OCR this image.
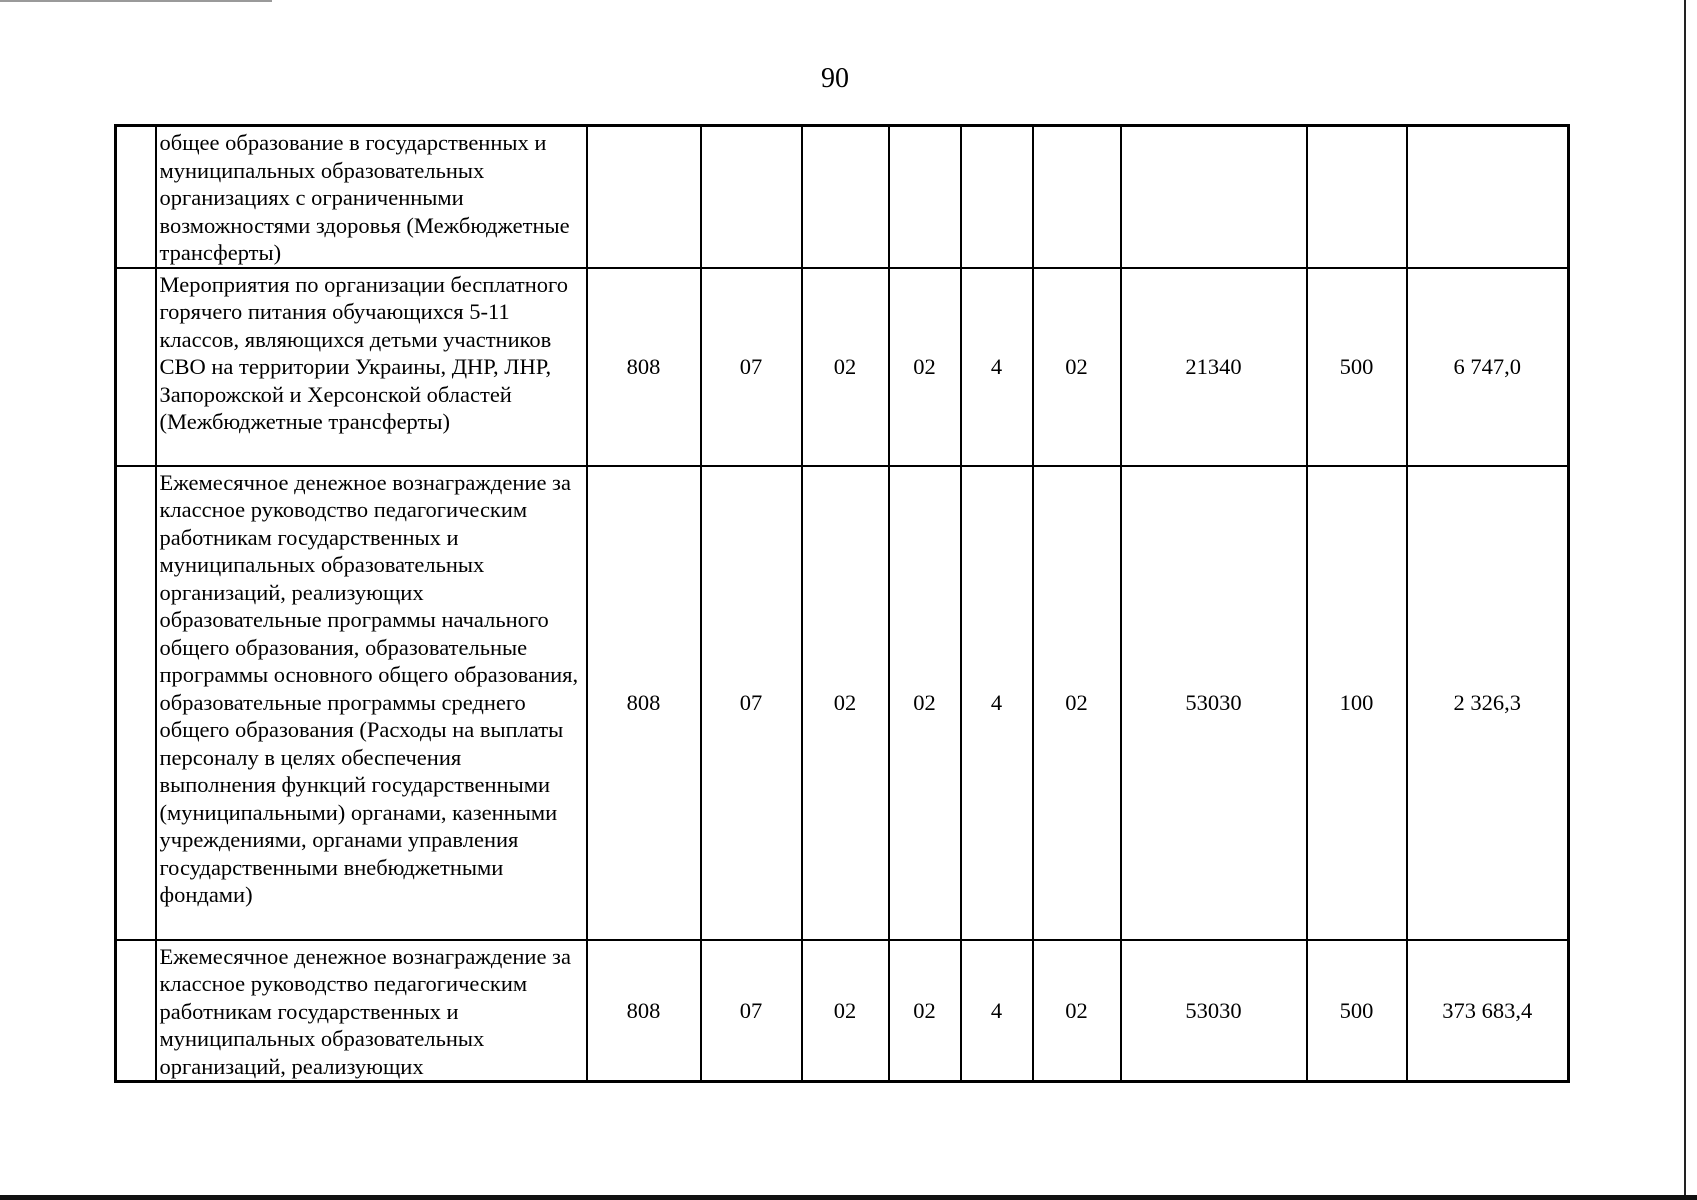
90
	общее образование в государственных и муниципальных образовательных организациях с ограниченными возможностями здоровья (Межбюджетные трансферты)									
	Мероприятия по организации бесплатного горячего питания обучающихся 5-11 классов, являющихся детьми участников СВО на территории Украины, ДНР, ЛНР, Запорожской и Херсонской областей (Межбюджетные трансферты)	808	07	02	02	4	02	21340	500	6 747,0
	Ежемесячное денежное вознаграждение за классное руководство педагогическим работникам государственных и муниципальных образовательных организаций, реализующих образовательные программы начального общего образования, образовательные программы основного общего образования, образовательные программы среднего общего образования (Расходы на выплаты персоналу в целях обеспечения выполнения функций государственными (муниципальными) органами, казенными учреждениями, органами управления государственными внебюджетными фондами)	808	07	02	02	4	02	53030	100	2 326,3
	Ежемесячное денежное вознаграждение за классное руководство педагогическим работникам государственных и муниципальных образовательных организаций, реализующих	808	07	02	02	4	02	53030	500	373 683,4
